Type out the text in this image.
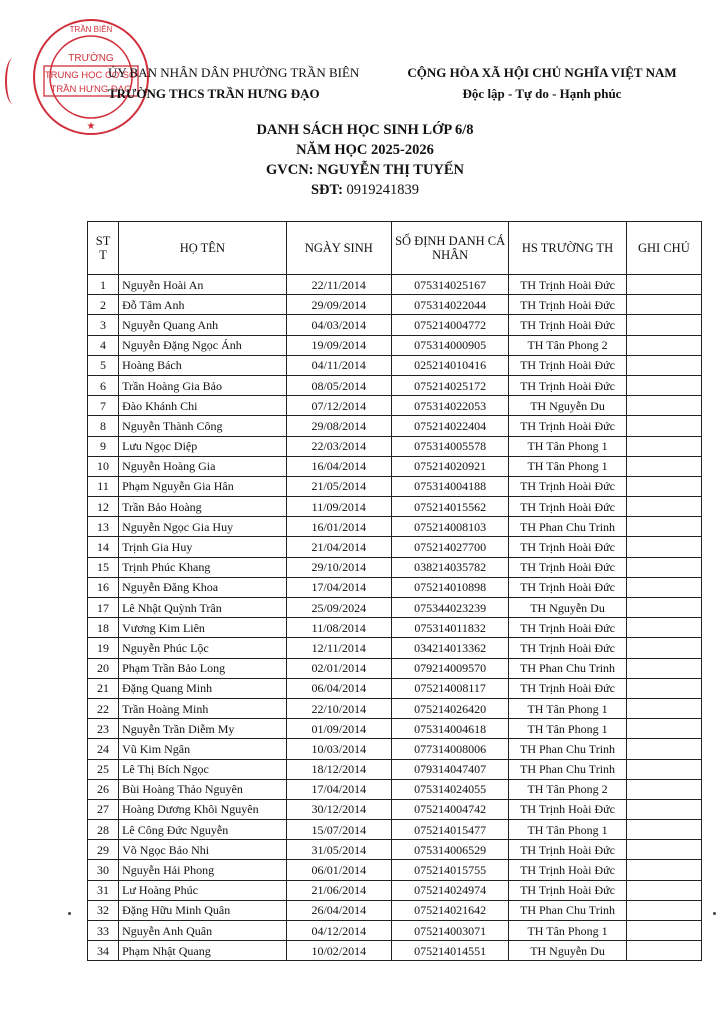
TRẦN BIÊN
★
TRƯỜNG
TRUNG HỌC CƠ SỞ
TRẦN HƯNG ĐẠO
ỦY BAN NHÂN DÂN PHƯỜNG TRẦN BIÊN
TRƯỜNG THCS TRẦN HƯNG ĐẠO
CỘNG HÒA XÃ HỘI CHỦ NGHĨA VIỆT NAM
Độc lập - Tự do - Hạnh phúc
DANH SÁCH HỌC SINH LỚP 6/8
NĂM HỌC 2025-2026
GVCN: NGUYỄN THỊ TUYẾN
SĐT: 0919241839
ST T	HỌ TÊN	NGÀY SINH	SỐ ĐỊNH DANH CÁ NHÂN	HS TRƯỜNG TH	GHI CHÚ
1	Nguyễn Hoài An	22/11/2014	075314025167	TH Trịnh Hoài Đức	
2	Đỗ Tâm Anh	29/09/2014	075314022044	TH Trịnh Hoài Đức	
3	Nguyễn Quang Anh	04/03/2014	075214004772	TH Trịnh Hoài Đức	
4	Nguyễn Đặng Ngọc Ánh	19/09/2014	075314000905	TH Tân Phong 2	
5	Hoàng Bách	04/11/2014	025214010416	TH Trịnh Hoài Đức	
6	Trần Hoàng Gia Bảo	08/05/2014	075214025172	TH Trịnh Hoài Đức	
7	Đào Khánh Chi	07/12/2014	075314022053	TH Nguyễn Du	
8	Nguyễn Thành Công	29/08/2014	075214022404	TH Trịnh Hoài Đức	
9	Lưu Ngọc Diệp	22/03/2014	075314005578	TH Tân Phong 1	
10	Nguyễn Hoàng Gia	16/04/2014	075214020921	TH Tân Phong 1	
11	Phạm Nguyễn Gia Hân	21/05/2014	075314004188	TH Trịnh Hoài Đức	
12	Trần Bảo Hoàng	11/09/2014	075214015562	TH Trịnh Hoài Đức	
13	Nguyễn Ngọc Gia Huy	16/01/2014	075214008103	TH Phan Chu Trinh	
14	Trịnh Gia Huy	21/04/2014	075214027700	TH Trịnh Hoài Đức	
15	Trịnh Phúc Khang	29/10/2014	038214035782	TH Trịnh Hoài Đức	
16	Nguyễn Đăng Khoa	17/04/2014	075214010898	TH Trịnh Hoài Đức	
17	Lê Nhật Quỳnh Trân	25/09/2024	075344023239	TH Nguyễn Du	
18	Vương Kim Liên	11/08/2014	075314011832	TH Trịnh Hoài Đức	
19	Nguyễn Phúc Lộc	12/11/2014	034214013362	TH Trịnh Hoài Đức	
20	Phạm Trần Bảo Long	02/01/2014	079214009570	TH Phan Chu Trinh	
21	Đặng Quang Minh	06/04/2014	075214008117	TH Trịnh Hoài Đức	
22	Trần Hoàng Minh	22/10/2014	075214026420	TH Tân Phong 1	
23	Nguyễn Trần Diễm My	01/09/2014	075314004618	TH Tân Phong 1	
24	Vũ Kim Ngân	10/03/2014	077314008006	TH Phan Chu Trinh	
25	Lê Thị Bích Ngọc	18/12/2014	079314047407	TH Phan Chu Trinh	
26	Bùi Hoàng Thảo Nguyên	17/04/2014	075314024055	TH Tân Phong 2	
27	Hoàng Dương Khôi Nguyên	30/12/2014	075214004742	TH Trịnh Hoài Đức	
28	Lê Công Đức Nguyễn	15/07/2014	075214015477	TH Tân Phong 1	
29	Võ Ngọc Bảo Nhi	31/05/2014	075314006529	TH Trịnh Hoài Đức	
30	Nguyễn Hải Phong	06/01/2014	075214015755	TH Trịnh Hoài Đức	
31	Lư Hoàng Phúc	21/06/2014	075214024974	TH Trịnh Hoài Đức	
32	Đặng Hữu Minh Quân	26/04/2014	075214021642	TH Phan Chu Trinh	
33	Nguyễn Anh Quân	04/12/2014	075214003071	TH Tân Phong 1	
34	Phạm Nhật Quang	10/02/2014	075214014551	TH Nguyễn Du	
